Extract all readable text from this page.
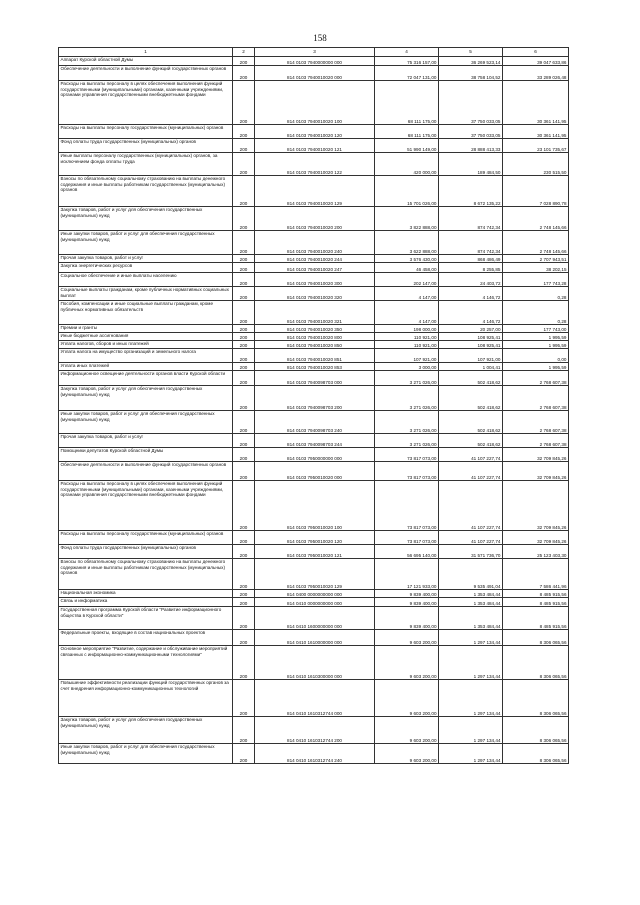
158
1	2	3	4	5	6
Аппарат Курской областной Думы	200	814 0103 7940000000 000	75 316 157,00	36 269 523,14	39 047 633,86
Обеспечение деятельности и выполнение функций государственных органов	200	814 0103 7940010020 000	72 047 131,00	38 758 104,52	33 289 026,48
Расходы на выплаты персоналу в целях обеспечения выполнения функций государственными (муниципальными) органами, казенными учреждениями, органами управления государственными внебюджетными фондами	200	814 0103 7940010020 100	68 111 175,00	37 750 033,05	30 361 141,95
Расходы на выплаты персоналу государственных (муниципальных) органов	200	814 0103 7940010020 120	68 111 175,00	37 750 033,05	30 361 141,95
Фонд оплаты труда государственных (муниципальных) органов	200	814 0103 7940010020 121	51 990 149,00	28 888 413,33	23 101 735,67
Иные выплаты персоналу государственных (муниципальных) органов, за исключением фонда оплаты труда	200	814 0103 7940010020 122	420 000,00	189 484,50	230 515,50
Взносы по обязательному социальному страхованию на выплаты денежного содержания и иные выплаты работникам государственных (муниципальных) органов	200	814 0103 7940010020 129	15 701 026,00	8 672 135,22	7 028 890,78
Закупка товаров, работ и услуг для обеспечения государственных (муниципальных) нужд	200	814 0103 7940010020 200	3 822 888,00	874 742,34	2 748 145,66
Иные закупки товаров, работ и услуг для обеспечения государственных (муниципальных) нужд	200	814 0103 7940010020 240	3 622 888,00	874 742,34	2 748 145,66
Прочая закупка товаров, работ и услуг	200	814 0103 7940010020 244	3 576 430,00	868 486,49	2 707 943,51
Закупка энергетических ресурсов	200	814 0103 7940010020 247	46 458,00	8 255,85	38 202,15
Социальное обеспечение и иные выплаты населению	200	814 0103 7940010020 300	202 147,00	24 403,72	177 743,28
Социальные выплаты гражданам, кроме публичных нормативных социальных выплат	200	814 0103 7940010020 320	4 147,00	4 146,72	0,28
Пособия, компенсации и иные социальные выплаты гражданам, кроме публичных нормативных обязательств	200	814 0103 7940010020 321	4 147,00	4 146,72	0,28
Премии и гранты	200	814 0103 7940010020 350	198 000,00	20 257,00	177 743,00
Иные бюджетные ассигнования	200	814 0103 7940010020 800	110 921,00	108 925,41	1 995,59
Уплата налогов, сборов и иных платежей	200	814 0103 7940010020 850	110 921,00	108 925,41	1 995,59
Уплата налога на имущество организаций и земельного налога	200	814 0103 7940010020 851	107 921,00	107 921,00	0,00
Уплата иных платежей	200	814 0103 7940010020 853	3 000,00	1 004,41	1 995,59
Информационное освещение деятельности органов власти Курской области	200	814 0103 7940098703 000	3 271 026,00	502 418,62	2 768 607,38
Закупка товаров, работ и услуг для обеспечения государственных (муниципальных) нужд	200	814 0103 7940098703 200	3 271 026,00	502 418,62	2 768 607,38
Иные закупки товаров, работ и услуг для обеспечения государственных (муниципальных) нужд	200	814 0103 7940098703 240	3 271 026,00	502 418,62	2 768 607,38
Прочая закупка товаров, работ и услуг	200	814 0103 7940098703 244	3 271 026,00	502 418,62	2 768 607,38
Помощники депутатов Курской областной Думы	200	814 0103 7950000000 000	73 817 073,00	41 107 227,74	32 709 845,26
Обеспечение деятельности и выполнение функций государственных органов	200	814 0103 7950010020 000	73 817 073,00	41 107 227,74	32 709 845,26
Расходы на выплаты персоналу в целях обеспечения выполнения функций государственными (муниципальными) органами, казенными учреждениями, органами управления государственными внебюджетными фондами	200	814 0103 7950010020 100	73 817 073,00	41 107 227,74	32 709 845,26
Расходы на выплаты персоналу государственных (муниципальных) органов	200	814 0103 7950010020 120	73 817 073,00	41 107 227,74	32 709 845,26
Фонд оплаты труда государственных (муниципальных) органов	200	814 0103 7950010020 121	56 695 140,00	31 571 736,70	25 123 403,30
Взносы по обязательному социальному страхованию на выплаты денежного содержания и иные выплаты работникам государственных (муниципальных) органов	200	814 0103 7950010020 129	17 121 933,00	9 535 491,04	7 586 441,96
Национальная экономика	200	814 0400 0000000000 000	9 839 400,00	1 353 484,44	8 485 915,56
Связь и информатика	200	814 0410 0000000000 000	9 839 400,00	1 353 484,44	8 485 915,56
Государственная программа Курской области "Развитие информационного общества в Курской области"	200	814 0410 1600000000 000	9 839 400,00	1 353 484,44	8 485 915,56
Федеральные проекты, входящие в состав национальных проектов	200	814 0410 1610000000 000	9 603 200,00	1 297 134,44	8 306 065,56
Основное мероприятие "Развитие, содержание и обслуживание мероприятий связанных с информационно-коммуникационными технологиями"	200	814 0410 1610300000 000	9 603 200,00	1 297 134,44	8 306 065,56
Повышение эффективности реализации функций государственных органов за счет внедрения информационно-коммуникационных технологий	200	814 0410 1610312744 000	9 603 200,00	1 297 134,44	8 306 065,56
Закупка товаров, работ и услуг для обеспечения государственных (муниципальных) нужд	200	814 0410 1610312744 200	9 603 200,00	1 297 134,44	8 306 065,56
Иные закупки товаров, работ и услуг для обеспечения государственных (муниципальных) нужд	200	814 0410 1610312744 240	9 603 200,00	1 297 134,44	8 306 065,56
